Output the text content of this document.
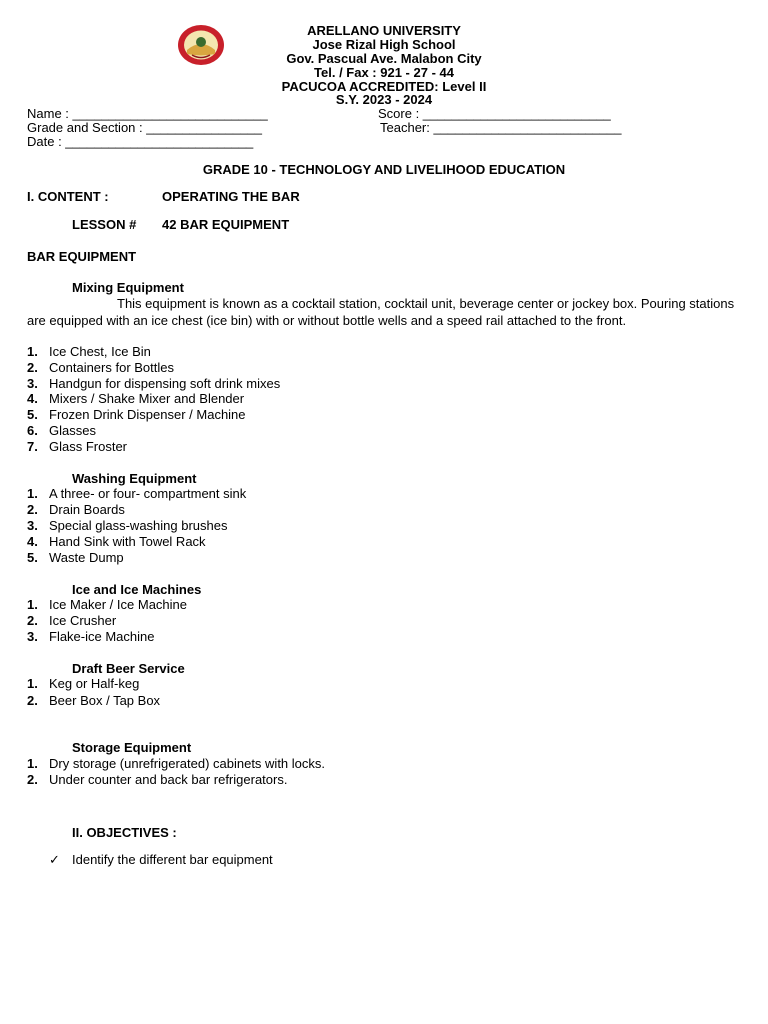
ARELLANO UNIVERSITY
Jose Rizal High School
Gov. Pascual Ave. Malabon City
Tel. / Fax : 921 - 27 - 44
PACUCOA ACCREDITED: Level II
S.Y. 2023 - 2024
Name : ___________________________	Score : __________________________
Grade and Section : ________________	Teacher: __________________________
Date : __________________________
GRADE 10 - TECHNOLOGY AND LIVELIHOOD EDUCATION
I. CONTENT :	OPERATING THE BAR
LESSON # 42 BAR EQUIPMENT
BAR EQUIPMENT
Mixing Equipment
This equipment is known as a cocktail station, cocktail unit, beverage center or jockey box. Pouring stations are equipped with an ice chest (ice bin) with or without bottle wells and a speed rail attached to the front.
1. Ice Chest, Ice Bin
2. Containers for Bottles
3. Handgun for dispensing soft drink mixes
4. Mixers / Shake Mixer and Blender
5. Frozen Drink Dispenser / Machine
6. Glasses
7. Glass Froster
Washing Equipment
1. A three- or four- compartment sink
2. Drain Boards
3. Special glass-washing brushes
4. Hand Sink with Towel Rack
5. Waste Dump
Ice and Ice Machines
1. Ice Maker / Ice Machine
2. Ice Crusher
3. Flake-ice Machine
Draft Beer Service
1. Keg or Half-keg
2. Beer Box / Tap Box
Storage Equipment
1. Dry storage (unrefrigerated) cabinets with locks.
2. Under counter and back bar refrigerators.
II. OBJECTIVES :
✓ Identify the different bar equipment
